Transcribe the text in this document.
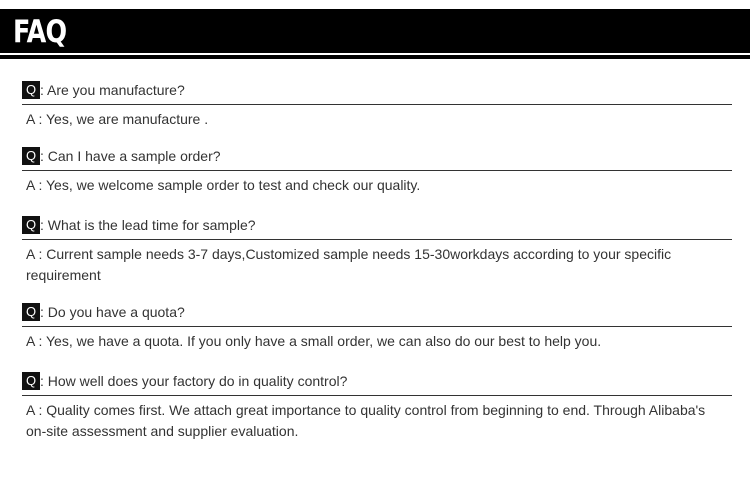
FAQ
Q : Are you manufacture?

A : Yes, we are manufacture .

Q : Can I have a sample order?

A : Yes, we welcome sample order to test and check our quality.

Q : What is the lead time for sample?

A : Current sample needs 3-7 days,Customized sample needs 15-30workdays according to your specific requirement

Q : Do you have a quota?

A : Yes, we have a quota. If you only have a small order, we can also do our best to help you.

Q : How well does your factory do in quality control?

A : Quality comes first. We attach great importance to quality control from beginning to end. Through Alibaba's on-site assessment and supplier evaluation.
